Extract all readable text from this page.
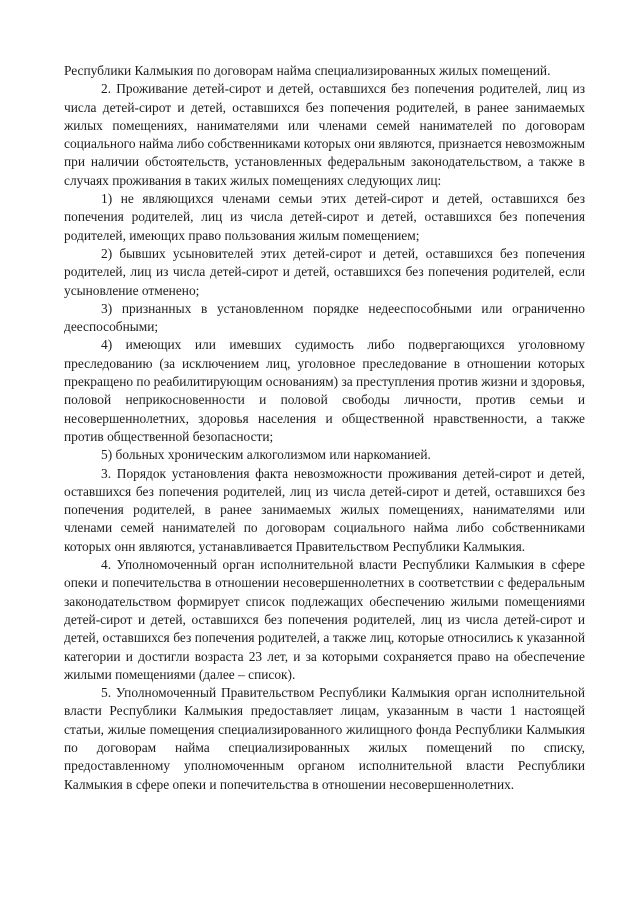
Республики Калмыкия по договорам найма специализированных жилых помещений.

2. Проживание детей-сирот и детей, оставшихся без попечения родителей, лиц из числа детей-сирот и детей, оставшихся без попечения родителей, в ранее занимаемых жилых помещениях, нанимателями или членами семей нанимателей по договорам социального найма либо собственниками которых они являются, признается невозможным при наличии обстоятельств, установленных федеральным законодательством, а также в случаях проживания в таких жилых помещениях следующих лиц:

1) не являющихся членами семьи этих детей-сирот и детей, оставшихся без попечения родителей, лиц из числа детей-сирот и детей, оставшихся без попечения родителей, имеющих право пользования жилым помещением;

2) бывших усыновителей этих детей-сирот и детей, оставшихся без попечения родителей, лиц из числа детей-сирот и детей, оставшихся без попечения родителей, если усыновление отменено;

3) признанных в установленном порядке недееспособными или ограниченно дееспособными;

4) имеющих или имевших судимость либо подвергающихся уголовному преследованию (за исключением лиц, уголовное преследование в отношении которых прекращено по реабилитирующим основаниям) за преступления против жизни и здоровья, половой неприкосновенности и половой свободы личности, против семьи и несовершеннолетних, здоровья населения и общественной нравственности, а также против общественной безопасности;

5) больных хроническим алкоголизмом или наркоманией.

3. Порядок установления факта невозможности проживания детей-сирот и детей, оставшихся без попечения родителей, лиц из числа детей-сирот и детей, оставшихся без попечения родителей, в ранее занимаемых жилых помещениях, нанимателями или членами семей нанимателей по договорам социального найма либо собственниками которых онн являются, устанавливается Правительством Республики Калмыкия.

4. Уполномоченный орган исполнительной власти Республики Калмыкия в сфере опеки и попечительства в отношении несовершеннолетних в соответствии с федеральным законодательством формирует список подлежащих обеспечению жилыми помещениями детей-сирот и детей, оставшихся без попечения родителей, лиц из числа детей-сирот и детей, оставшихся без попечения родителей, а также лиц, которые относились к указанной категории и достигли возраста 23 лет, и за которыми сохраняется право на обеспечение жилыми помещениями (далее – список).

5. Уполномоченный Правительством Республики Калмыкия орган исполнительной власти Республики Калмыкия предоставляет лицам, указанным в части 1 настоящей статьи, жилые помещения специализированного жилищного фонда Республики Калмыкия по договорам найма специализированных жилых помещений по списку, предоставленному уполномоченным органом исполнительной власти Республики Калмыкия в сфере опеки и попечительства в отношении несовершеннолетних.
